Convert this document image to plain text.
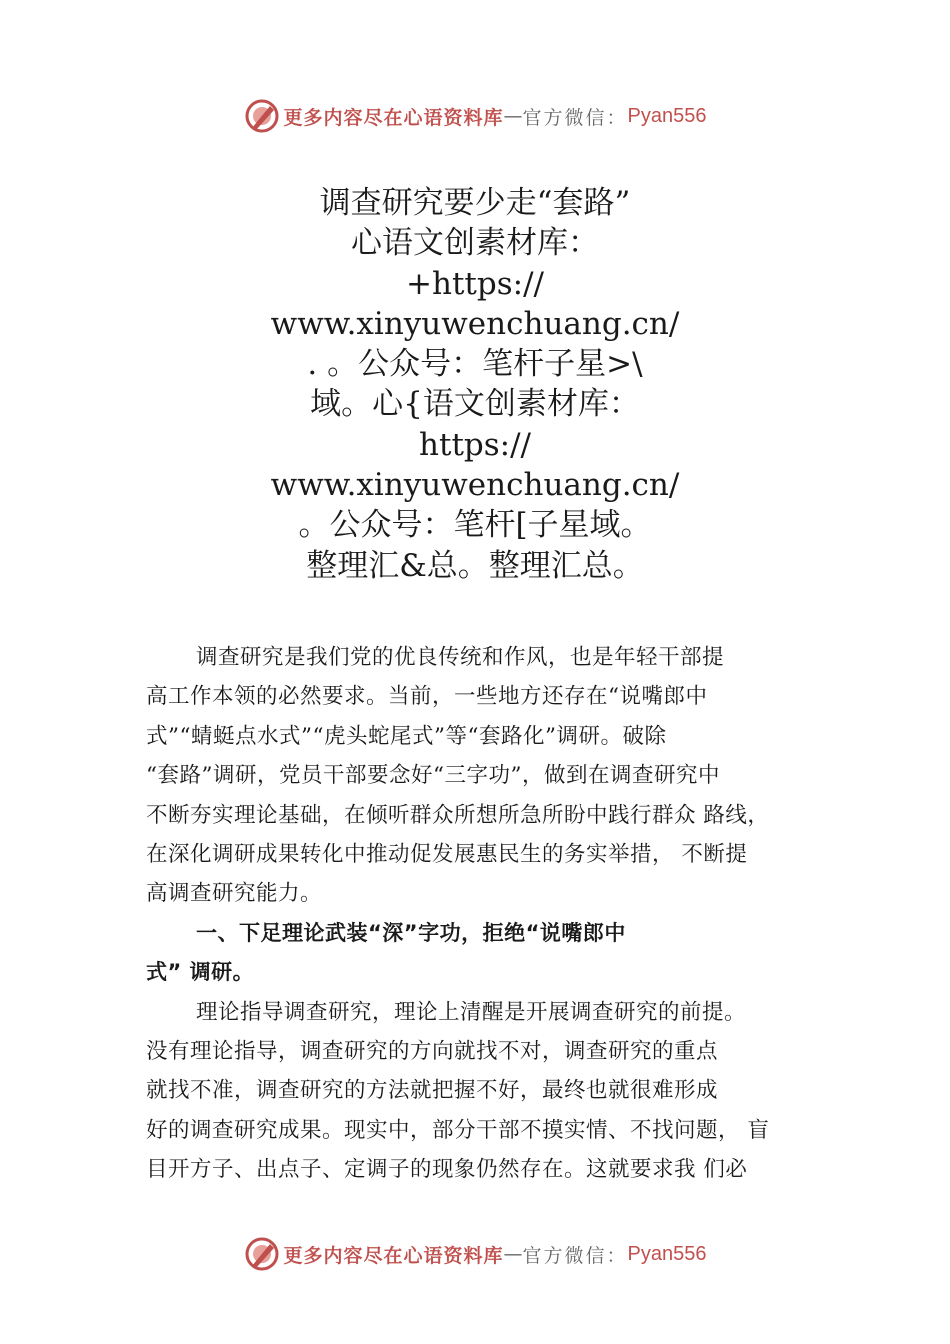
更多内容尽在心语资料库 — 官方微信： Pyan556
调查研究要少走“套路”
心语文创素材库：
+https://
www.xinyuwenchuang.cn/
. 。公众号：笔杆子星>\
域。心{语文创素材库：
https://
www.xinyuwenchuang.cn/
。公众号：笔杆[子星域。
整理汇&总。整理汇总。
调查研究是我们党的优良传统和作风，也是年轻干部提
高工作本领的必然要求。当前，一些地方还存在“说嘴郎中
式”“蜻蜓点水式”“虎头蛇尾式”等“套路化”调研。破除
“套路”调研，党员干部要念好“三字功”，做到在调查研究中
不断夯实理论基础，在倾听群众所想所急所盼中践行群众 路线，
在深化调研成果转化中推动促发展惠民生的务实举措， 不断提
高调查研究能力。
一、下足理论武装“深”字功，拒绝“说嘴郎中
式” 调研。
理论指导调查研究，理论上清醒是开展调查研究的前提。
没有理论指导，调查研究的方向就找不对，调查研究的重点
就找不准，调查研究的方法就把握不好，最终也就很难形成
好的调查研究成果。现实中，部分干部不摸实情、不找问题， 盲
目开方子、出点子、定调子的现象仍然存在。这就要求我 们必
更多内容尽在心语资料库 — 官方微信： Pyan556
